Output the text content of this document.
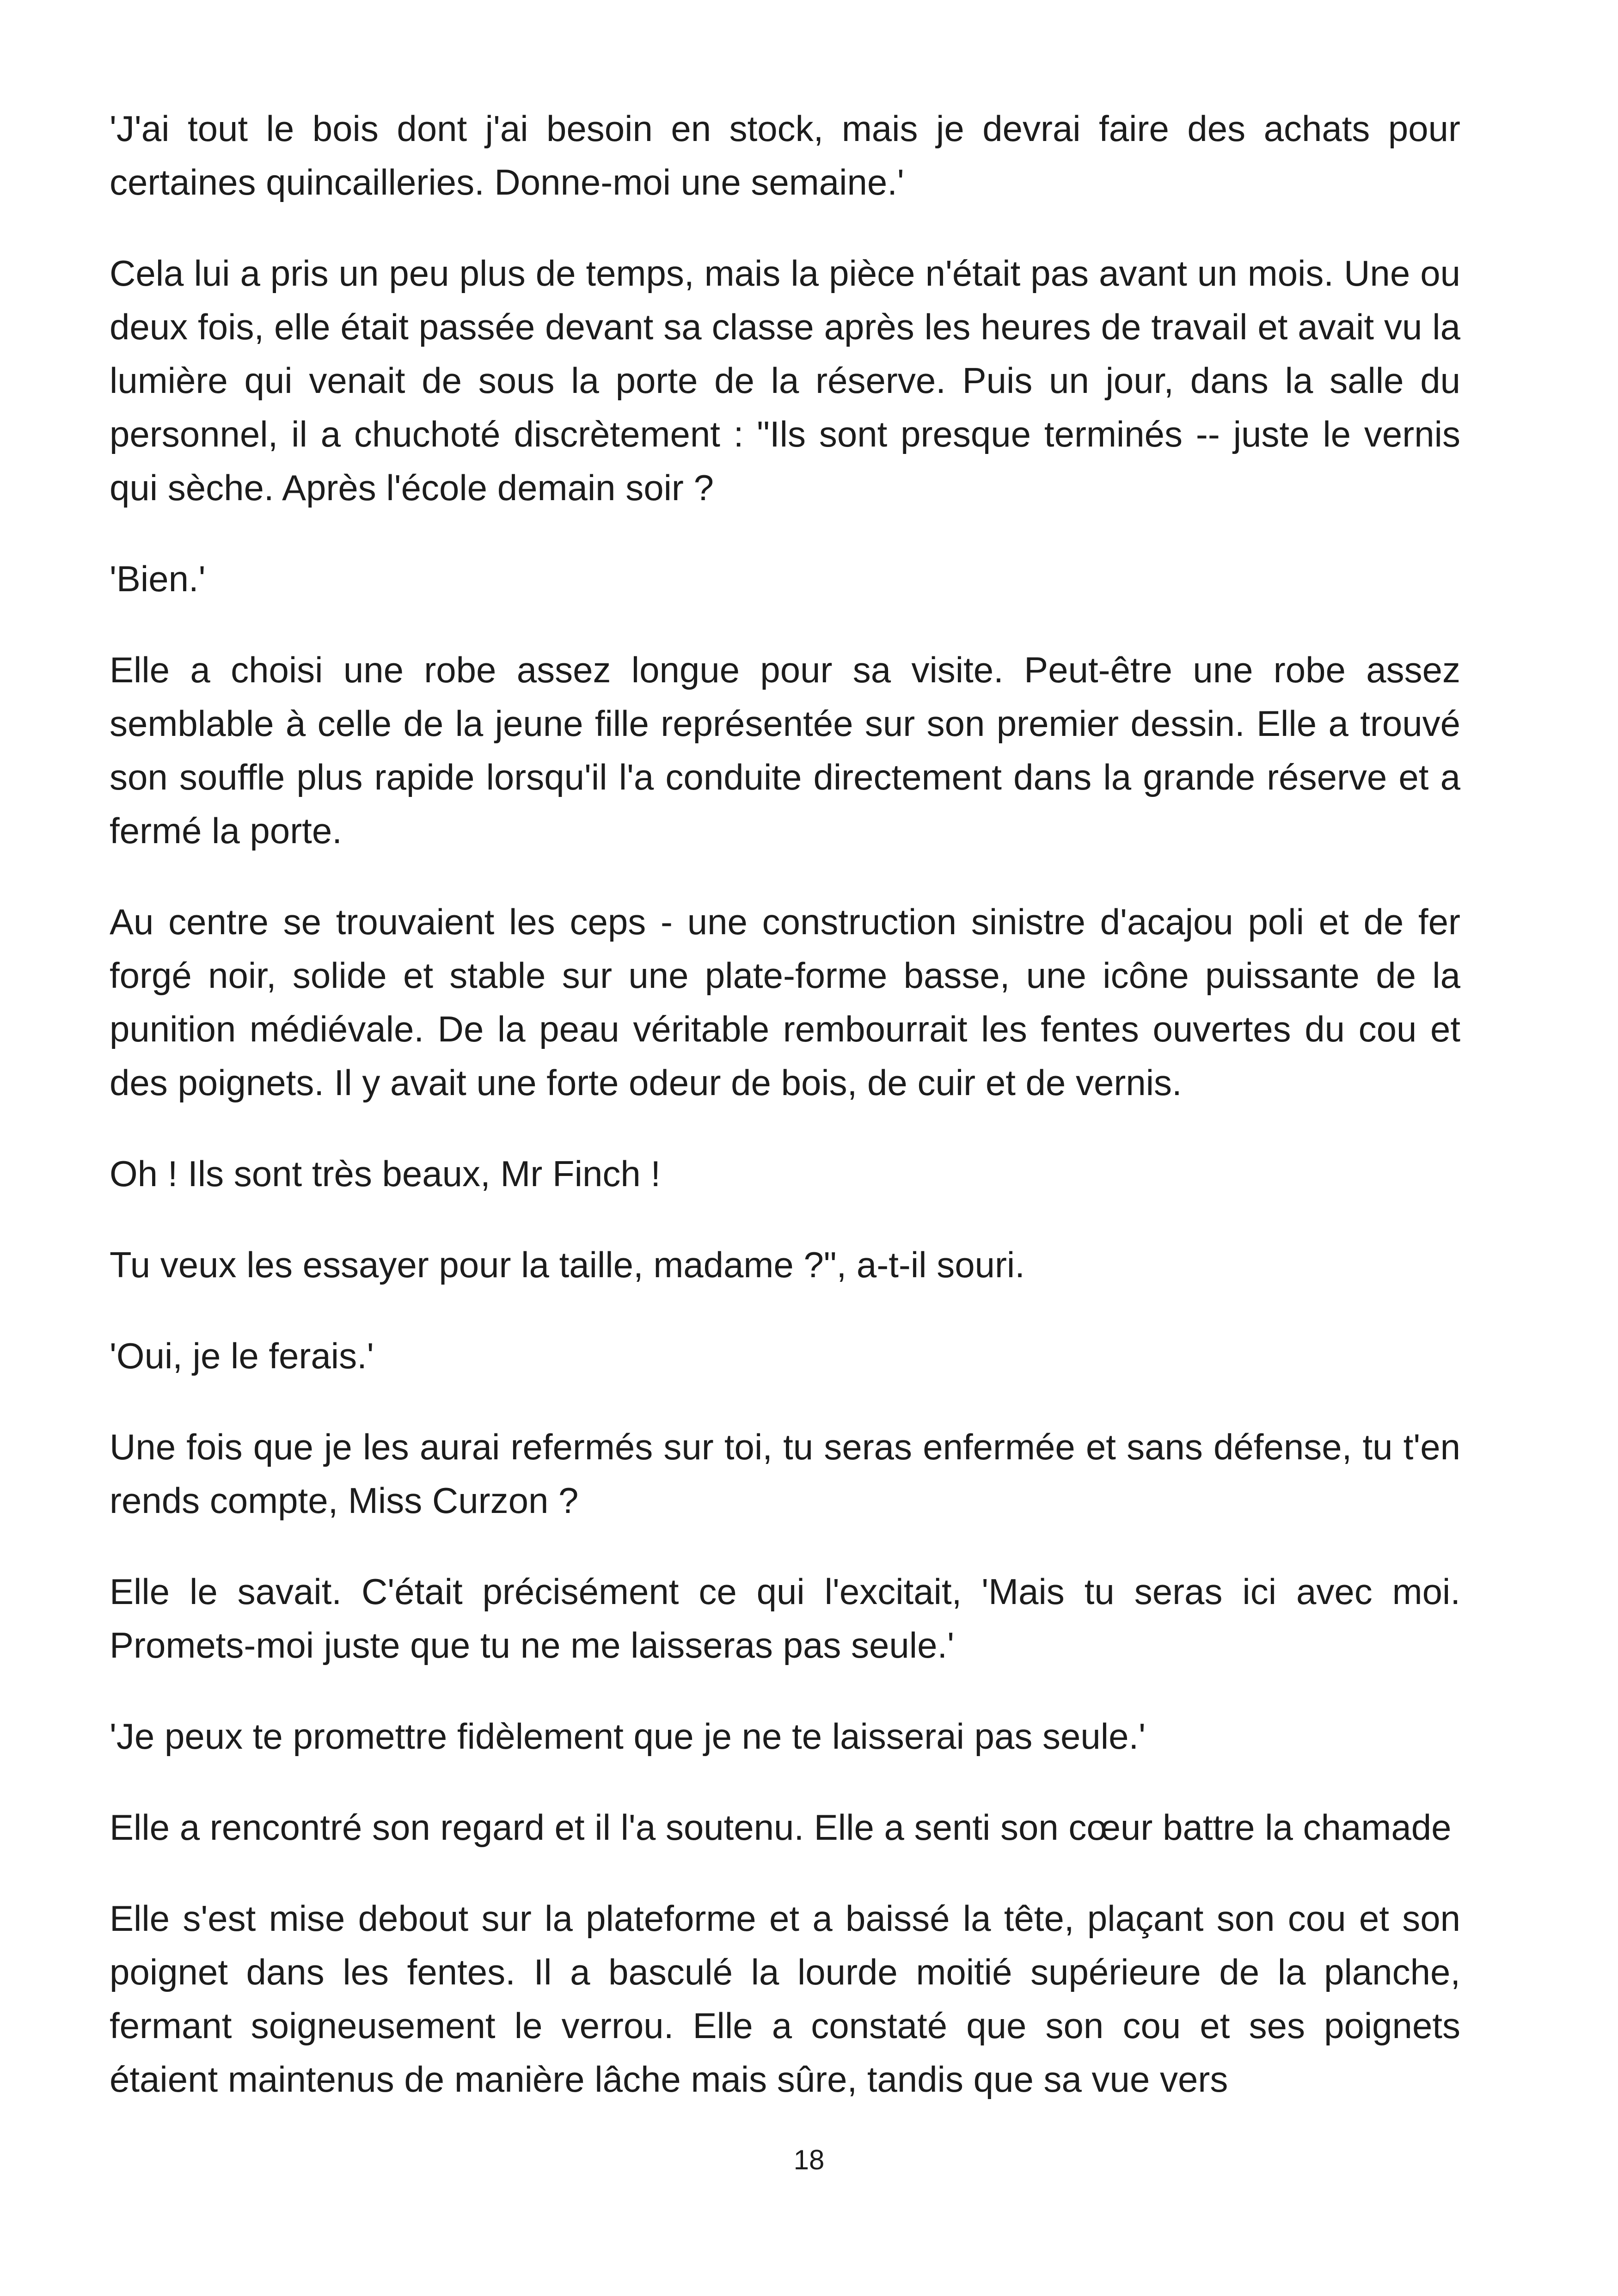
'J'ai tout le bois dont j'ai besoin en stock, mais je devrai faire des achats pour certaines quincailleries. Donne-moi une semaine.'

Cela lui a pris un peu plus de temps, mais la pièce n'était pas avant un mois. Une ou deux fois, elle était passée devant sa classe après les heures de travail et avait vu la lumière qui venait de sous la porte de la réserve. Puis un jour, dans la salle du personnel, il a chuchoté discrètement : "Ils sont presque terminés -- juste le vernis qui sèche. Après l'école demain soir ?

'Bien.'

Elle a choisi une robe assez longue pour sa visite. Peut-être une robe assez semblable à celle de la jeune fille représentée sur son premier dessin. Elle a trouvé son souffle plus rapide lorsqu'il l'a conduite directement dans la grande réserve et a fermé la porte.

Au centre se trouvaient les ceps - une construction sinistre d'acajou poli et de fer forgé noir, solide et stable sur une plate-forme basse, une icône puissante de la punition médiévale. De la peau véritable rembourrait les fentes ouvertes du cou et des poignets. Il y avait une forte odeur de bois, de cuir et de vernis.

Oh ! Ils sont très beaux, Mr Finch !

Tu veux les essayer pour la taille, madame ?", a-t-il souri.

'Oui, je le ferais.'

Une fois que je les aurai refermés sur toi, tu seras enfermée et sans défense, tu t'en rends compte, Miss Curzon ?

Elle le savait. C'était précisément ce qui l'excitait, 'Mais tu seras ici avec moi. Promets-moi juste que tu ne me laisseras pas seule.'

'Je peux te promettre fidèlement que je ne te laisserai pas seule.'

Elle a rencontré son regard et il l'a soutenu. Elle a senti son cœur battre la chamade

Elle s'est mise debout sur la plateforme et a baissé la tête, plaçant son cou et son poignet dans les fentes. Il a basculé la lourde moitié supérieure de la planche, fermant soigneusement le verrou. Elle a constaté que son cou et ses poignets étaient maintenus de manière lâche mais sûre, tandis que sa vue vers

18
